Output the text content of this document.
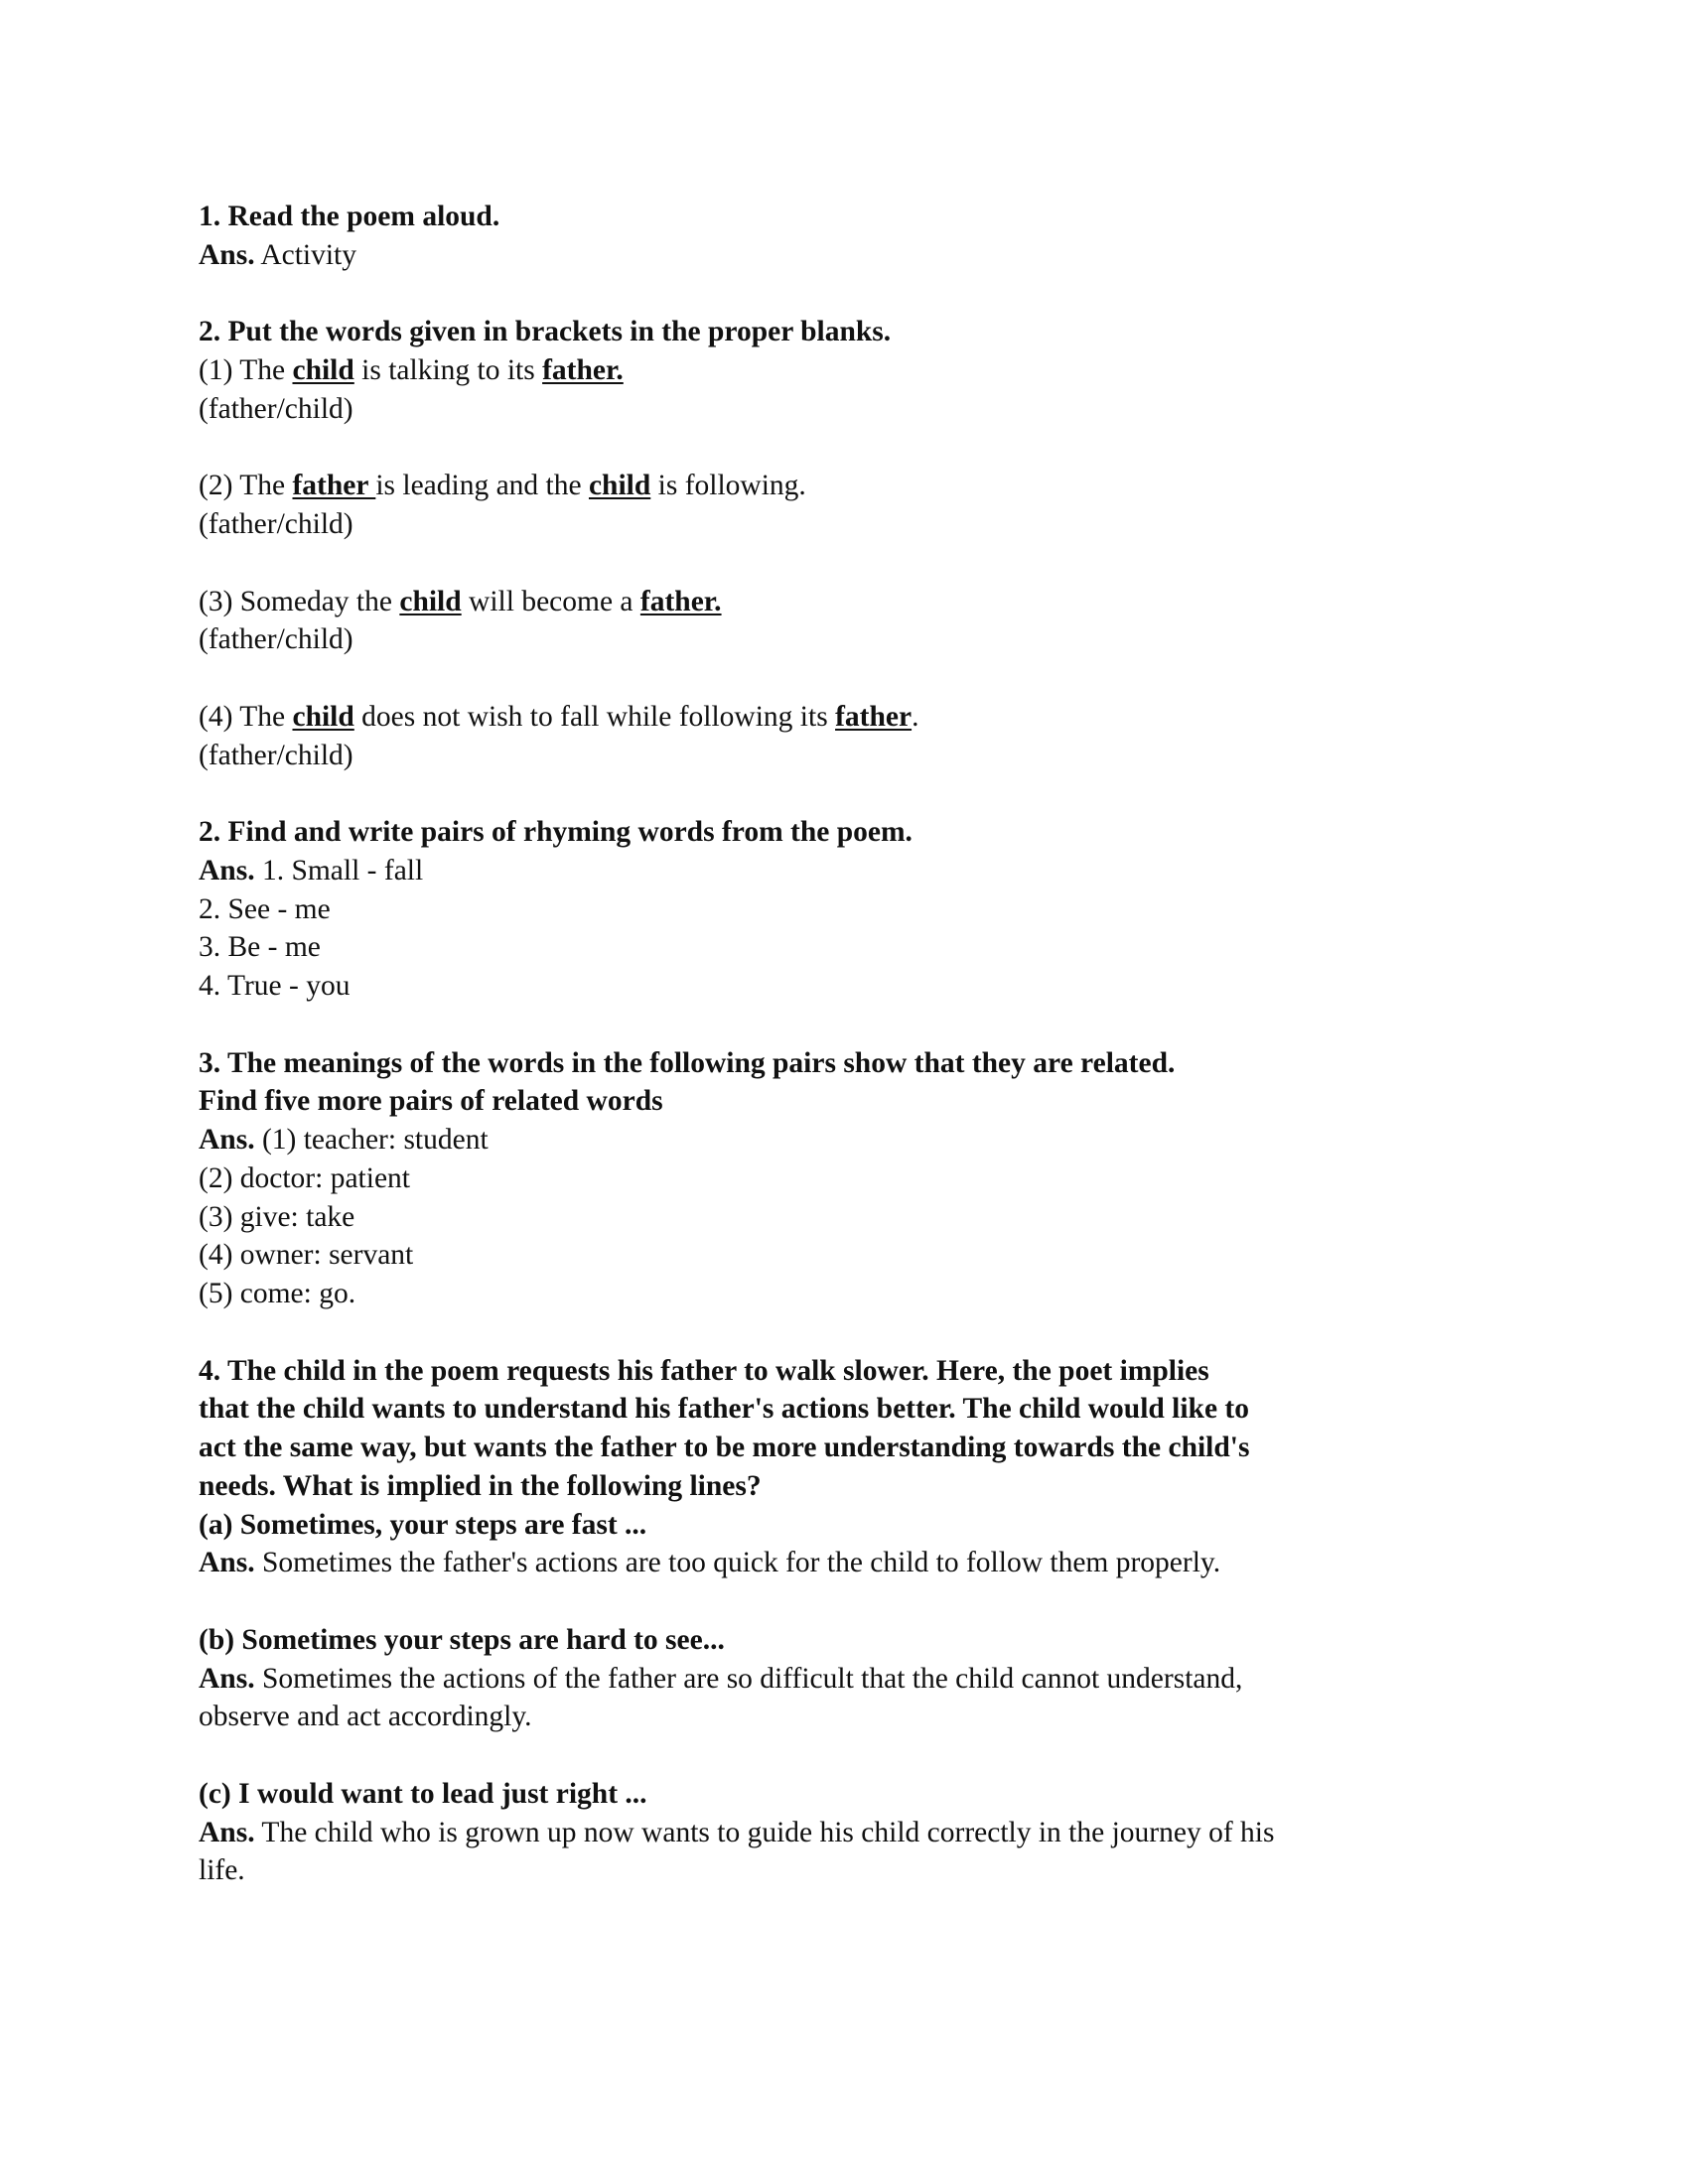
1. Read the poem aloud.
Ans. Activity
2. Put the words given in brackets in the proper blanks.
(1) The child is talking to its father.
(father/child)
(2) The father is leading and the child is following.
(father/child)
(3) Someday the child will become a father.
(father/child)
(4) The child does not wish to fall while following its father.
(father/child)
2. Find and write pairs of rhyming words from the poem.
Ans. 1. Small - fall
2. See - me
3. Be - me
4. True - you
3. The meanings of the words in the following pairs show that they are related.
Find five more pairs of related words
Ans. (1) teacher: student
(2) doctor: patient
(3) give: take
(4) owner: servant
(5) come: go.
4. The child in the poem requests his father to walk slower. Here, the poet implies
that the child wants to understand his father's actions better. The child would like to
act the same way, but wants the father to be more understanding towards the child's
needs. What is implied in the following lines?
(a) Sometimes, your steps are fast ...
Ans. Sometimes the father's actions are too quick for the child to follow them properly.
(b) Sometimes your steps are hard to see...
Ans. Sometimes the actions of the father are so difficult that the child cannot understand,
observe and act accordingly.
(c) I would want to lead just right ...
Ans. The child who is grown up now wants to guide his child correctly in the journey of his
life.
